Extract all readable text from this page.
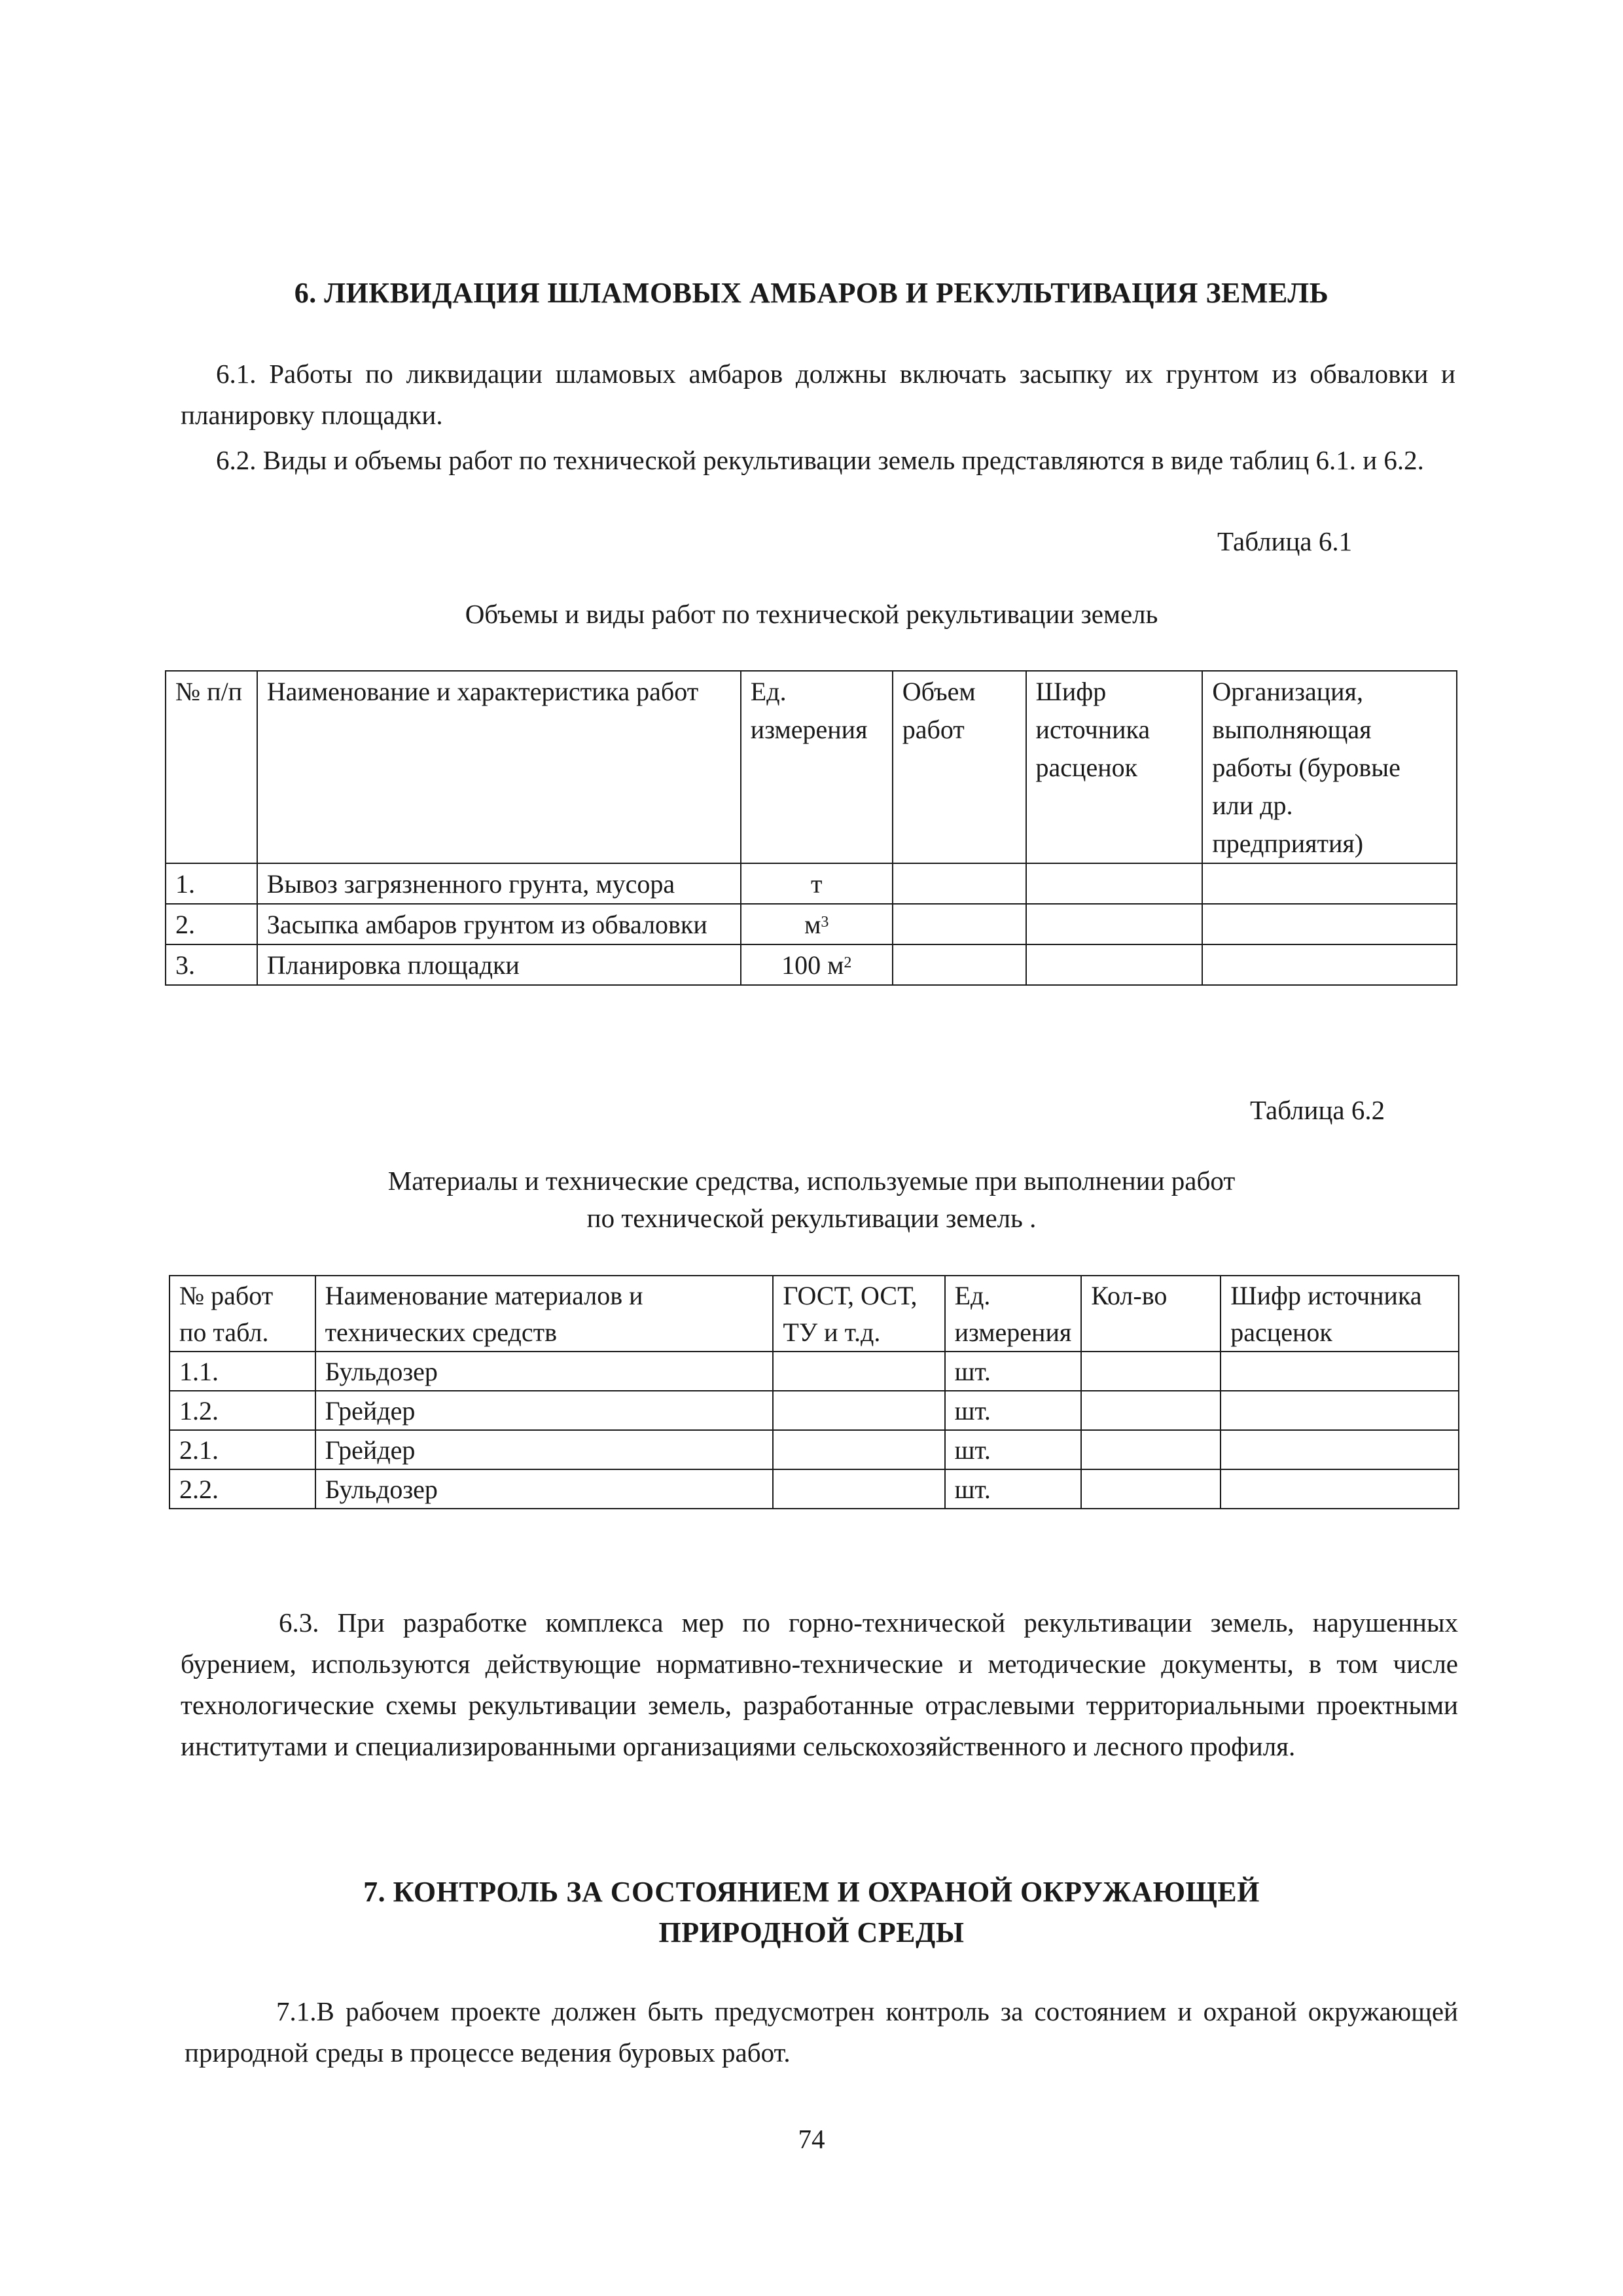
6. ЛИКВИДАЦИЯ ШЛАМОВЫХ АМБАРОВ И РЕКУЛЬТИВАЦИЯ ЗЕМЕЛЬ
6.1. Работы по ликвидации шламовых амбаров должны включать засыпку их грунтом из обваловки и планировку площадки.
6.2. Виды и объемы работ по технической рекультивации земель представляются в виде таблиц 6.1. и 6.2.
Таблица 6.1
Объемы и виды работ по технической рекультивации земель
№ п/п	Наименование и характеристика работ	Ед. измерения	Объем работ	Шифр источника расценок	Организация, выполняющая работы (буровые или др. предприятия)
1.	Вывоз загрязненного грунта, мусора	т			
2.	Засыпка амбаров грунтом из обваловки	$м^3$			
3.	Планировка площадки	100 $м^2$			
Таблица 6.2
Материалы и технические средства, используемые при выполнении работ
по технической рекультивации земель .
№ работ по табл.	Наименование материалов и технических средств	ГОСТ, ОСТ, ТУ и т.д.	Ед. измерения	Кол-во	Шифр источника расценок
1.1.	Бульдозер		шт.		
1.2.	Грейдер		шт.		
2.1.	Грейдер		шт.		
2.2.	Бульдозер		шт.		
6.3. При разработке комплекса мер по горно-технической рекультивации земель, нарушенных бурением, используются действующие нормативно-технические и методические документы, в том числе технологические схемы рекультивации земель, разработанные отраслевыми территориальными проектными институтами и специализированными организациями сельскохозяйственного и лесного профиля.
7. КОНТРОЛЬ ЗА СОСТОЯНИЕМ И ОХРАНОЙ ОКРУЖАЮЩЕЙ
ПРИРОДНОЙ СРЕДЫ
7.1.В рабочем проекте должен быть предусмотрен контроль за состоянием и охраной окружающей природной среды в процессе ведения буровых работ.
74
